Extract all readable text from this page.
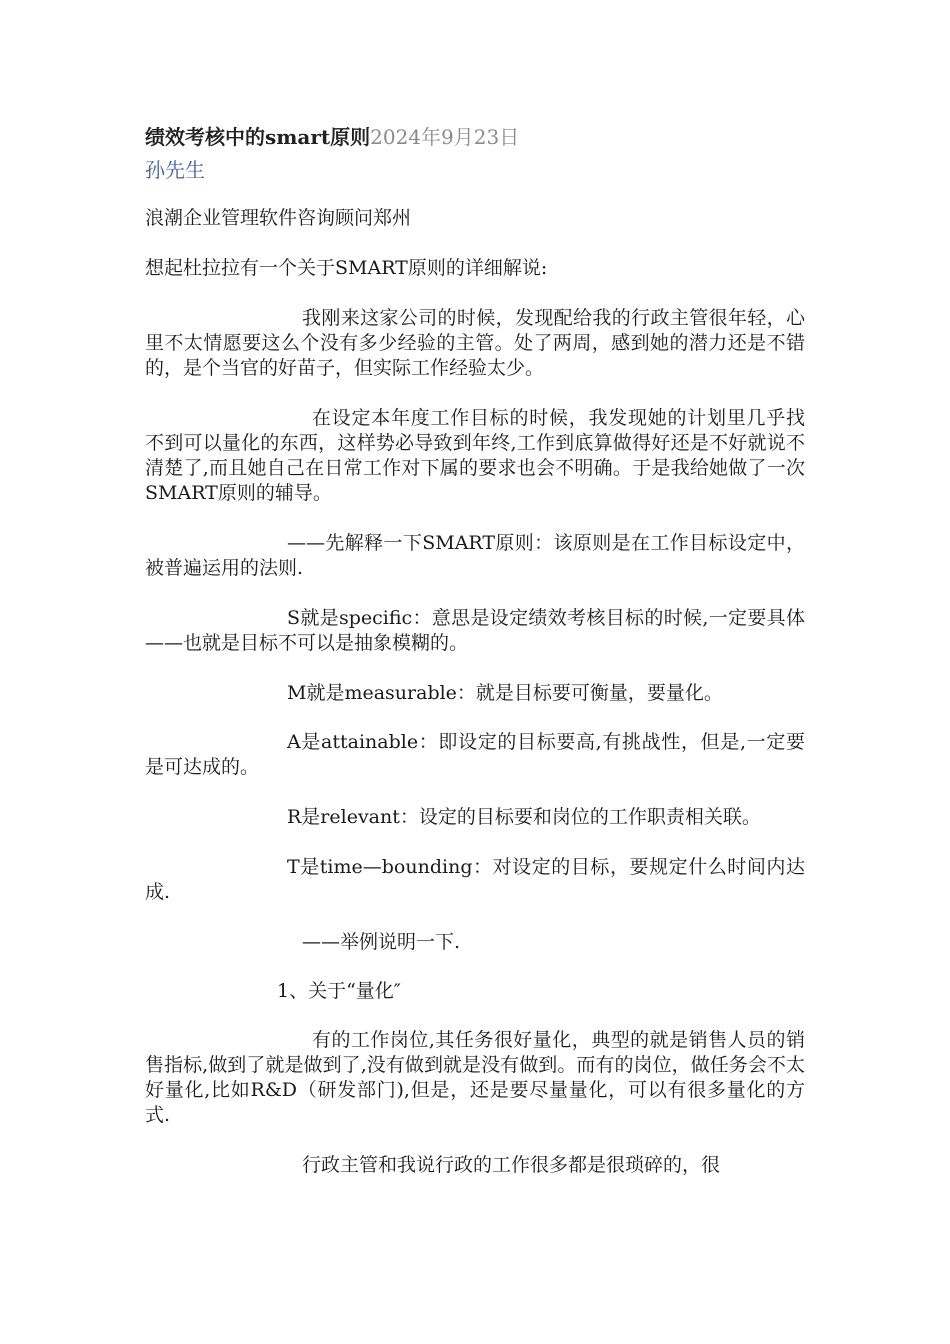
绩效考核中的smart原则2024年9月23日
孙先生

浪潮企业管理软件咨询顾问郑州

想起杜拉拉有一个关于SMART原则的详细解说:

我刚来这家公司的时候，发现配给我的行政主管很年轻，心里不太情愿要这么个没有多少经验的主管。处了两周，感到她的潜力还是不错的，是个当官的好苗子，但实际工作经验太少。

在设定本年度工作目标的时候，我发现她的计划里几乎找不到可以量化的东西，这样势必导致到年终,工作到底算做得好还是不好就说不清楚了,而且她自己在日常工作对下属的要求也会不明确。于是我给她做了一次SMART原则的辅导。

——先解释一下SMART原则：该原则是在工作目标设定中，被普遍运用的法则.

S就是specific：意思是设定绩效考核目标的时候,一定要具体——也就是目标不可以是抽象模糊的。

M就是measurable：就是目标要可衡量，要量化。

A是attainable：即设定的目标要高,有挑战性，但是,一定要是可达成的。

R是relevant：设定的目标要和岗位的工作职责相关联。

T是time—bounding：对设定的目标，要规定什么时间内达成.

——举例说明一下.

1、关于“量化″

有的工作岗位,其任务很好量化，典型的就是销售人员的销售指标,做到了就是做到了,没有做到就是没有做到。而有的岗位，做任务会不太好量化,比如R&D（研发部门),但是，还是要尽量量化，可以有很多量化的方式.

行政主管和我说行政的工作很多都是很琐碎的，很
